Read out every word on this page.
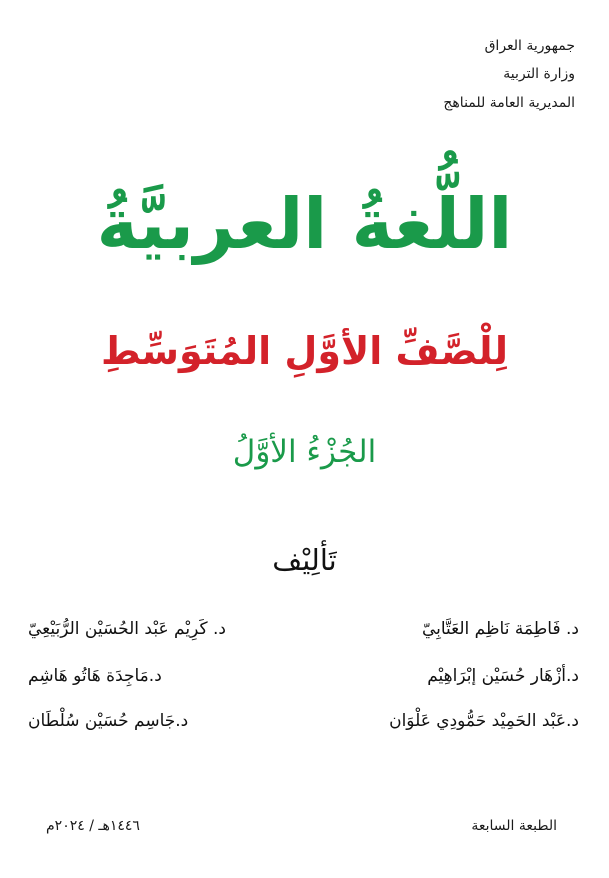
جمهورية العراق
وزارة التربية
المديرية العامة للمناهج
اللُّغةُ العربيَّةُ
لِلْصَّفِّ الأوَّلِ المُتَوَسِّطِ
الجُزْءُ الأوَّلُ
تَألِيْف
د. فَاطِمَة نَاظِم العَتَّابِيّ
د. كَرِيْم عَبْد الحُسَيْن الرُّبَيْعِيّ
د.أزْهَار حُسَيْن إبْرَاهِيْم
د.مَاجِدَة هَاتُو هَاشِم
د.عَبْد الحَمِيْد حَمُّودِي عَلْوَان
د.جَاسِم حُسَيْن سُلْطَان
الطبعة السابعة
١٤٤٦هـ / ٢٠٢٤م
